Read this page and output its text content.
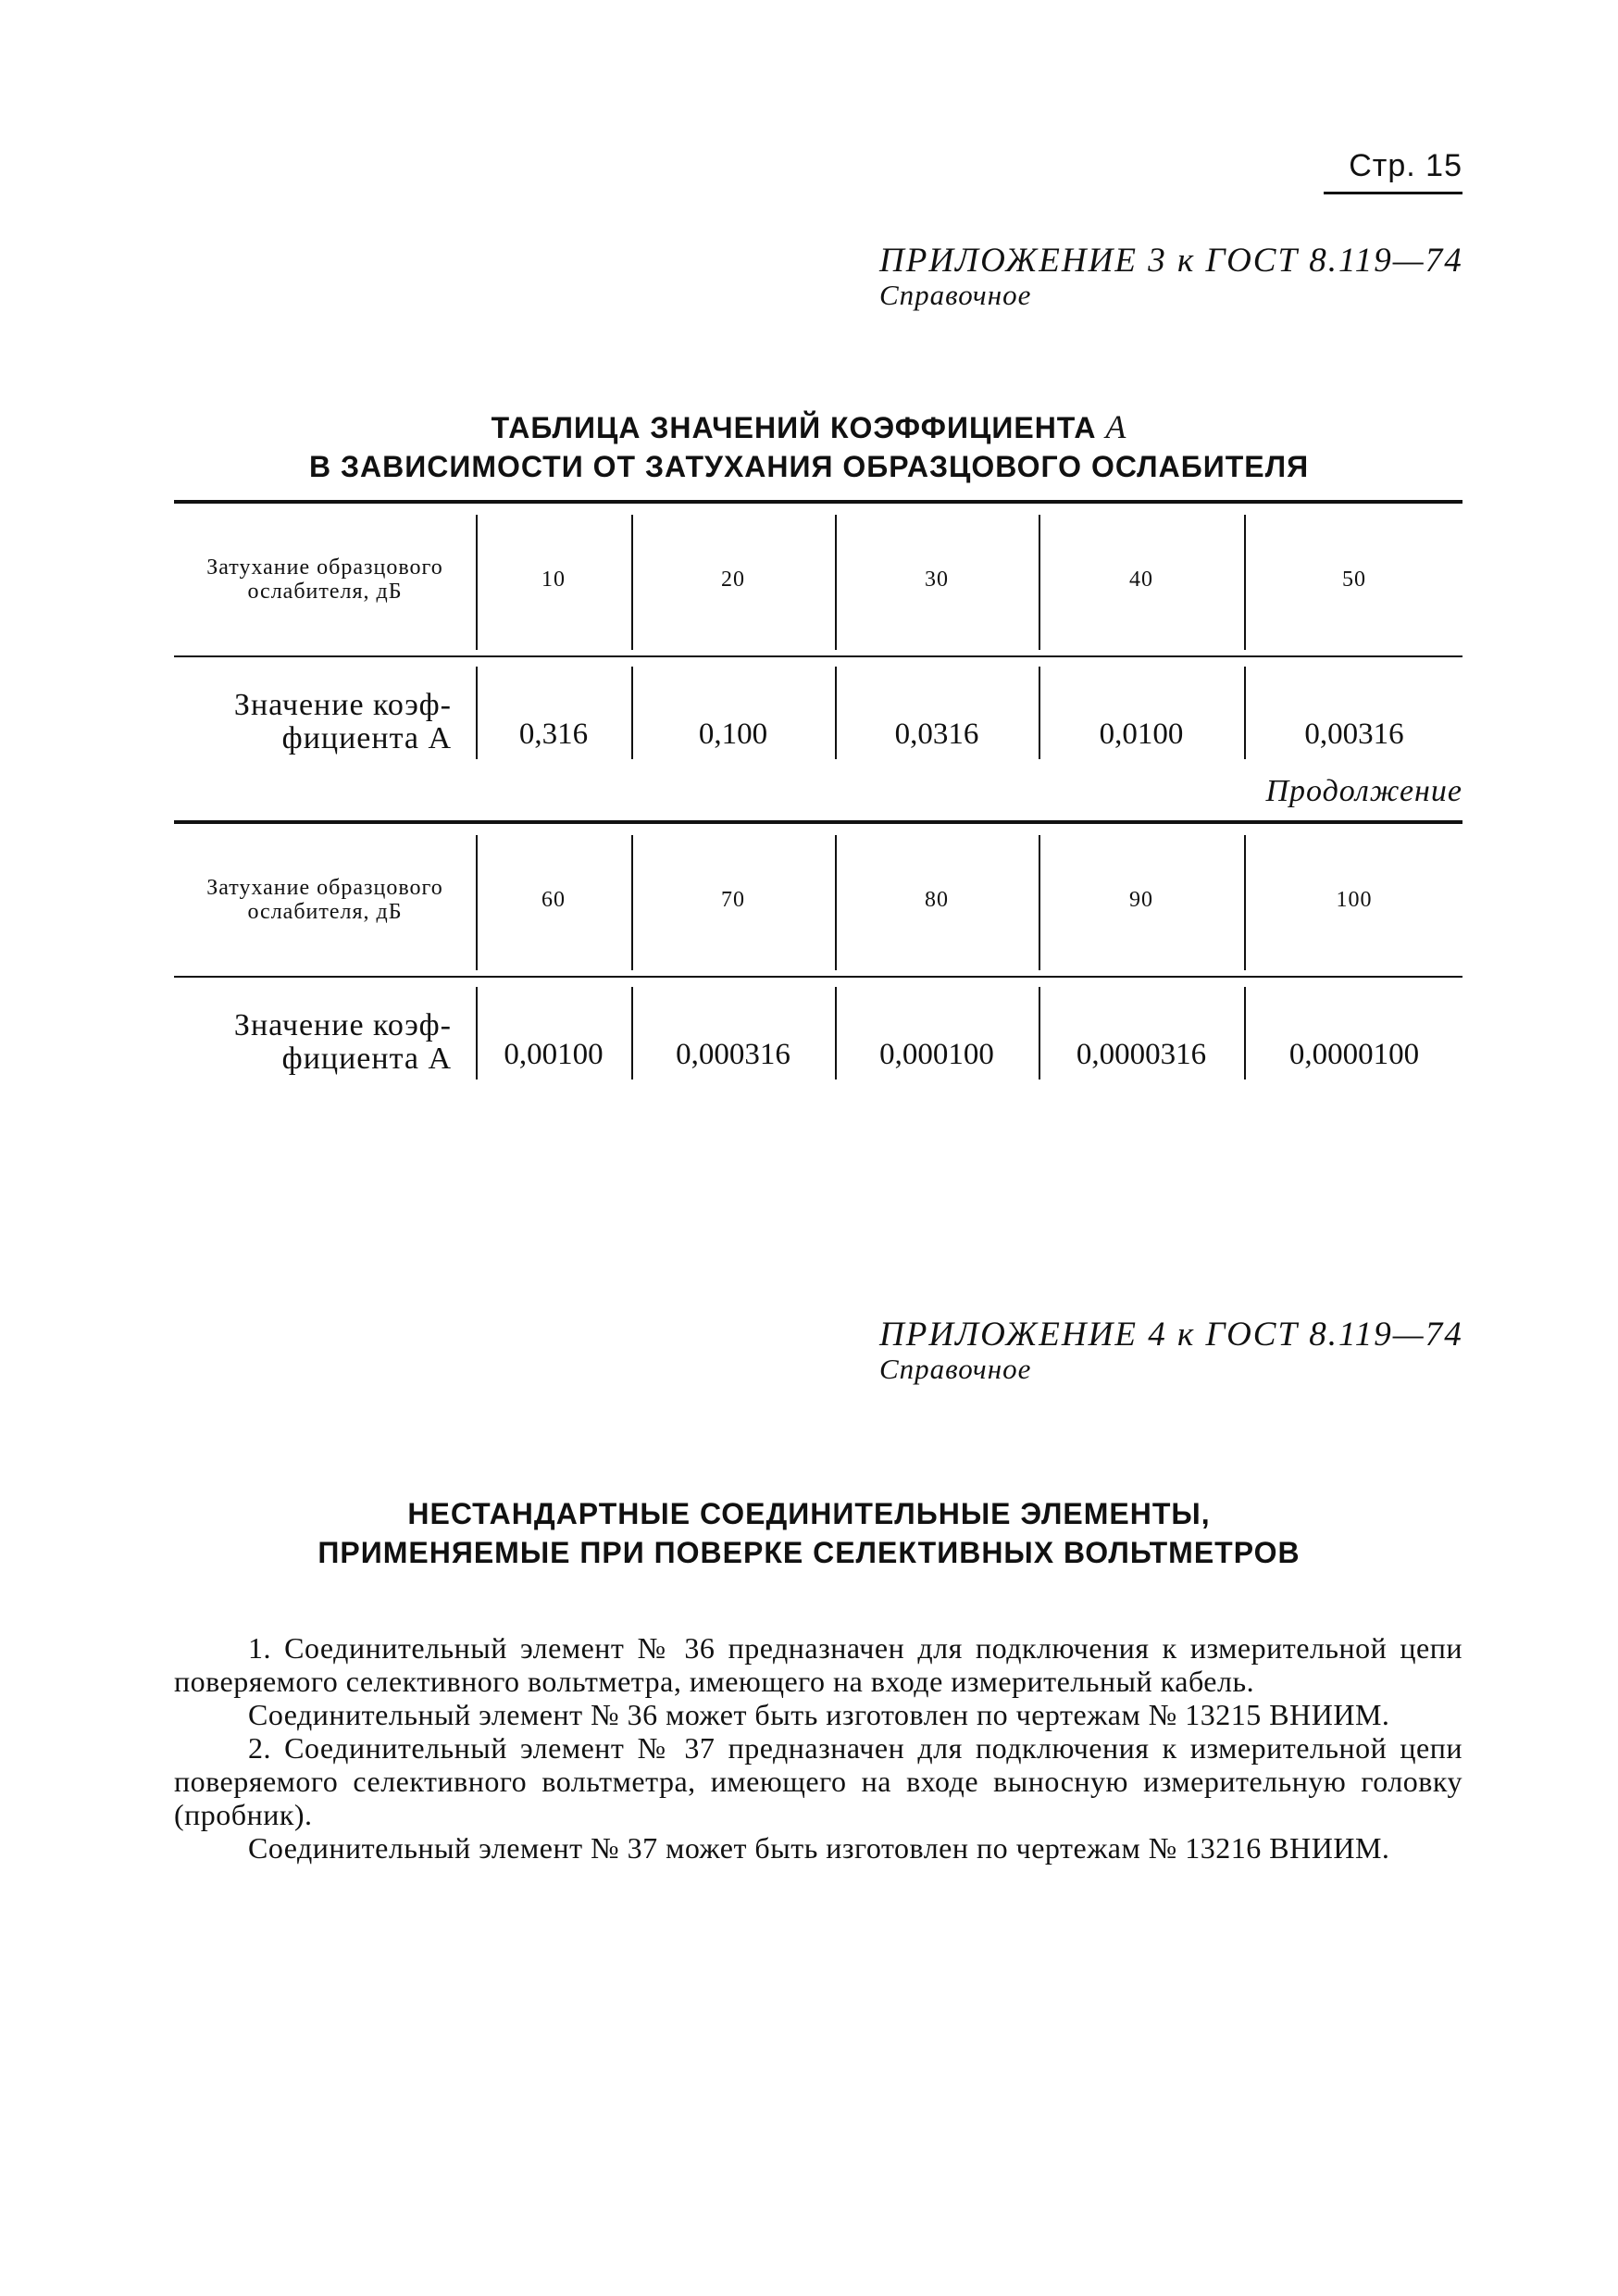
Стр. 15
ПРИЛОЖЕНИЕ 3 к ГОСТ 8.119—74
Справочное
ТАБЛИЦА ЗНАЧЕНИЙ КОЭФФИЦИЕНТА А
В ЗАВИСИМОСТИ ОТ ЗАТУХАНИЯ ОБРАЗЦОВОГО ОСЛАБИТЕЛЯ
Затухание образцового ослабителя, дБ	10	20	30	40	50
Значение коэф-фициента А	0,316	0,100	0,0316	0,0100	0,00316
Продолжение
Затухание образцового ослабителя, дБ	60	70	80	90	100
Значение коэф-фициента А	0,00100	0,000316	0,000100	0,0000316	0,0000100
ПРИЛОЖЕНИЕ 4 к ГОСТ 8.119—74
Справочное
НЕСТАНДАРТНЫЕ СОЕДИНИТЕЛЬНЫЕ ЭЛЕМЕНТЫ,
ПРИМЕНЯЕМЫЕ ПРИ ПОВЕРКЕ СЕЛЕКТИВНЫХ ВОЛЬТМЕТРОВ

1. Соединительный элемент № 36 предназначен для подключения к измерительной цепи поверяемого селективного вольтметра, имеющего на входе измерительный кабель.

Соединительный элемент № 36 может быть изготовлен по чертежам № 13215 ВНИИМ.

2. Соединительный элемент № 37 предназначен для подключения к измерительной цепи поверяемого селективного вольтметра, имеющего на входе выносную измерительную головку (пробник).

Соединительный элемент № 37 может быть изготовлен по чертежам № 13216 ВНИИМ.
